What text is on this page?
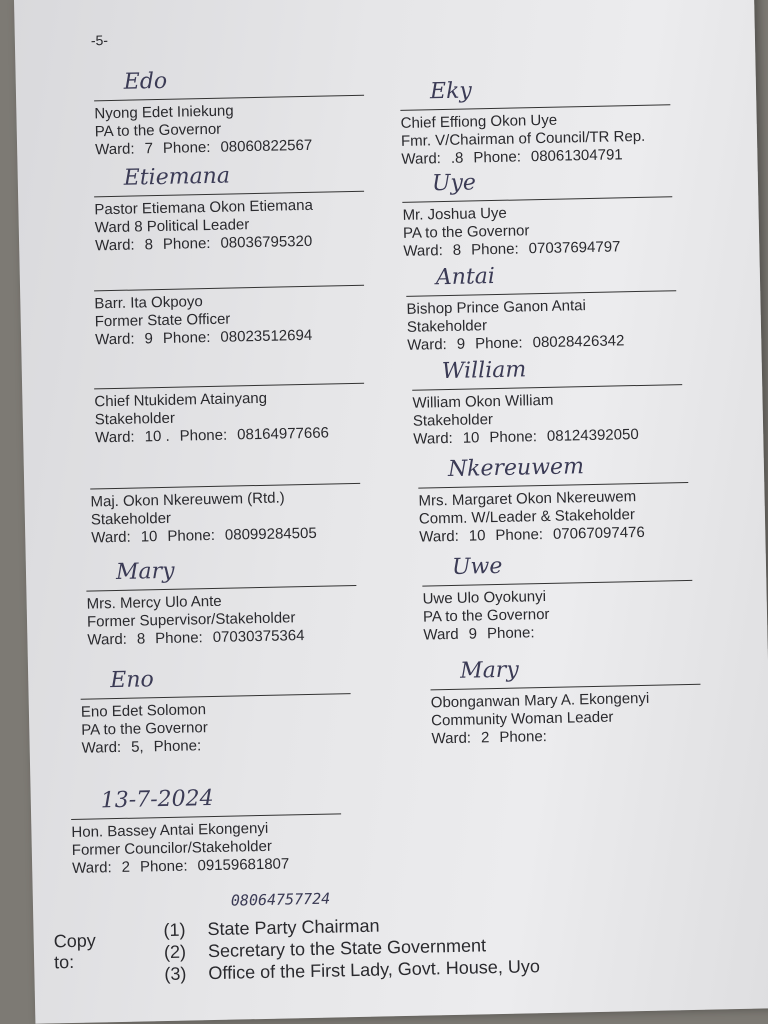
-5-
Edo
Nyong Edet Iniekung
PA to the Governor
Ward: 7 Phone: 08060822567
Etiemana
Pastor Etiemana Okon Etiemana
Ward 8 Political Leader
Ward: 8 Phone: 08036795320
Barr. Ita Okpoyo
Former State Officer
Ward: 9 Phone: 08023512694
Chief Ntukidem Atainyang
Stakeholder
Ward: 10 . Phone: 08164977666
Maj. Okon Nkereuwem (Rtd.)
Stakeholder
Ward: 10 Phone: 08099284505
Mary
Mrs. Mercy Ulo Ante
Former Supervisor/Stakeholder
Ward: 8 Phone: 07030375364
Eno
Eno Edet Solomon
PA to the Governor
Ward: 5, Phone:
13-7-2024
Hon. Bassey Antai Ekongenyi
Former Councilor/Stakeholder
Ward: 2 Phone: 09159681807
Eky
Chief Effiong Okon Uye
Fmr. V/Chairman of Council/TR Rep.
Ward: .8 Phone: 08061304791
Uye
Mr. Joshua Uye
PA to the Governor
Ward: 8 Phone: 07037694797
Antai
Bishop Prince Ganon Antai
Stakeholder
Ward: 9 Phone: 08028426342
William
William Okon William
Stakeholder
Ward: 10 Phone: 08124392050
Nkereuwem
Mrs. Margaret Okon Nkereuwem
Comm. W/Leader & Stakeholder
Ward: 10 Phone: 07067097476
Uwe
Uwe Ulo Oyokunyi
PA to the Governor
Ward 9 Phone:
Mary
Obonganwan Mary A. Ekongenyi
Community Woman Leader
Ward: 2 Phone:
08064757724
Copy to:
(1) State Party Chairman
(2) Secretary to the State Government
(3) Office of the First Lady, Govt. House, Uyo
